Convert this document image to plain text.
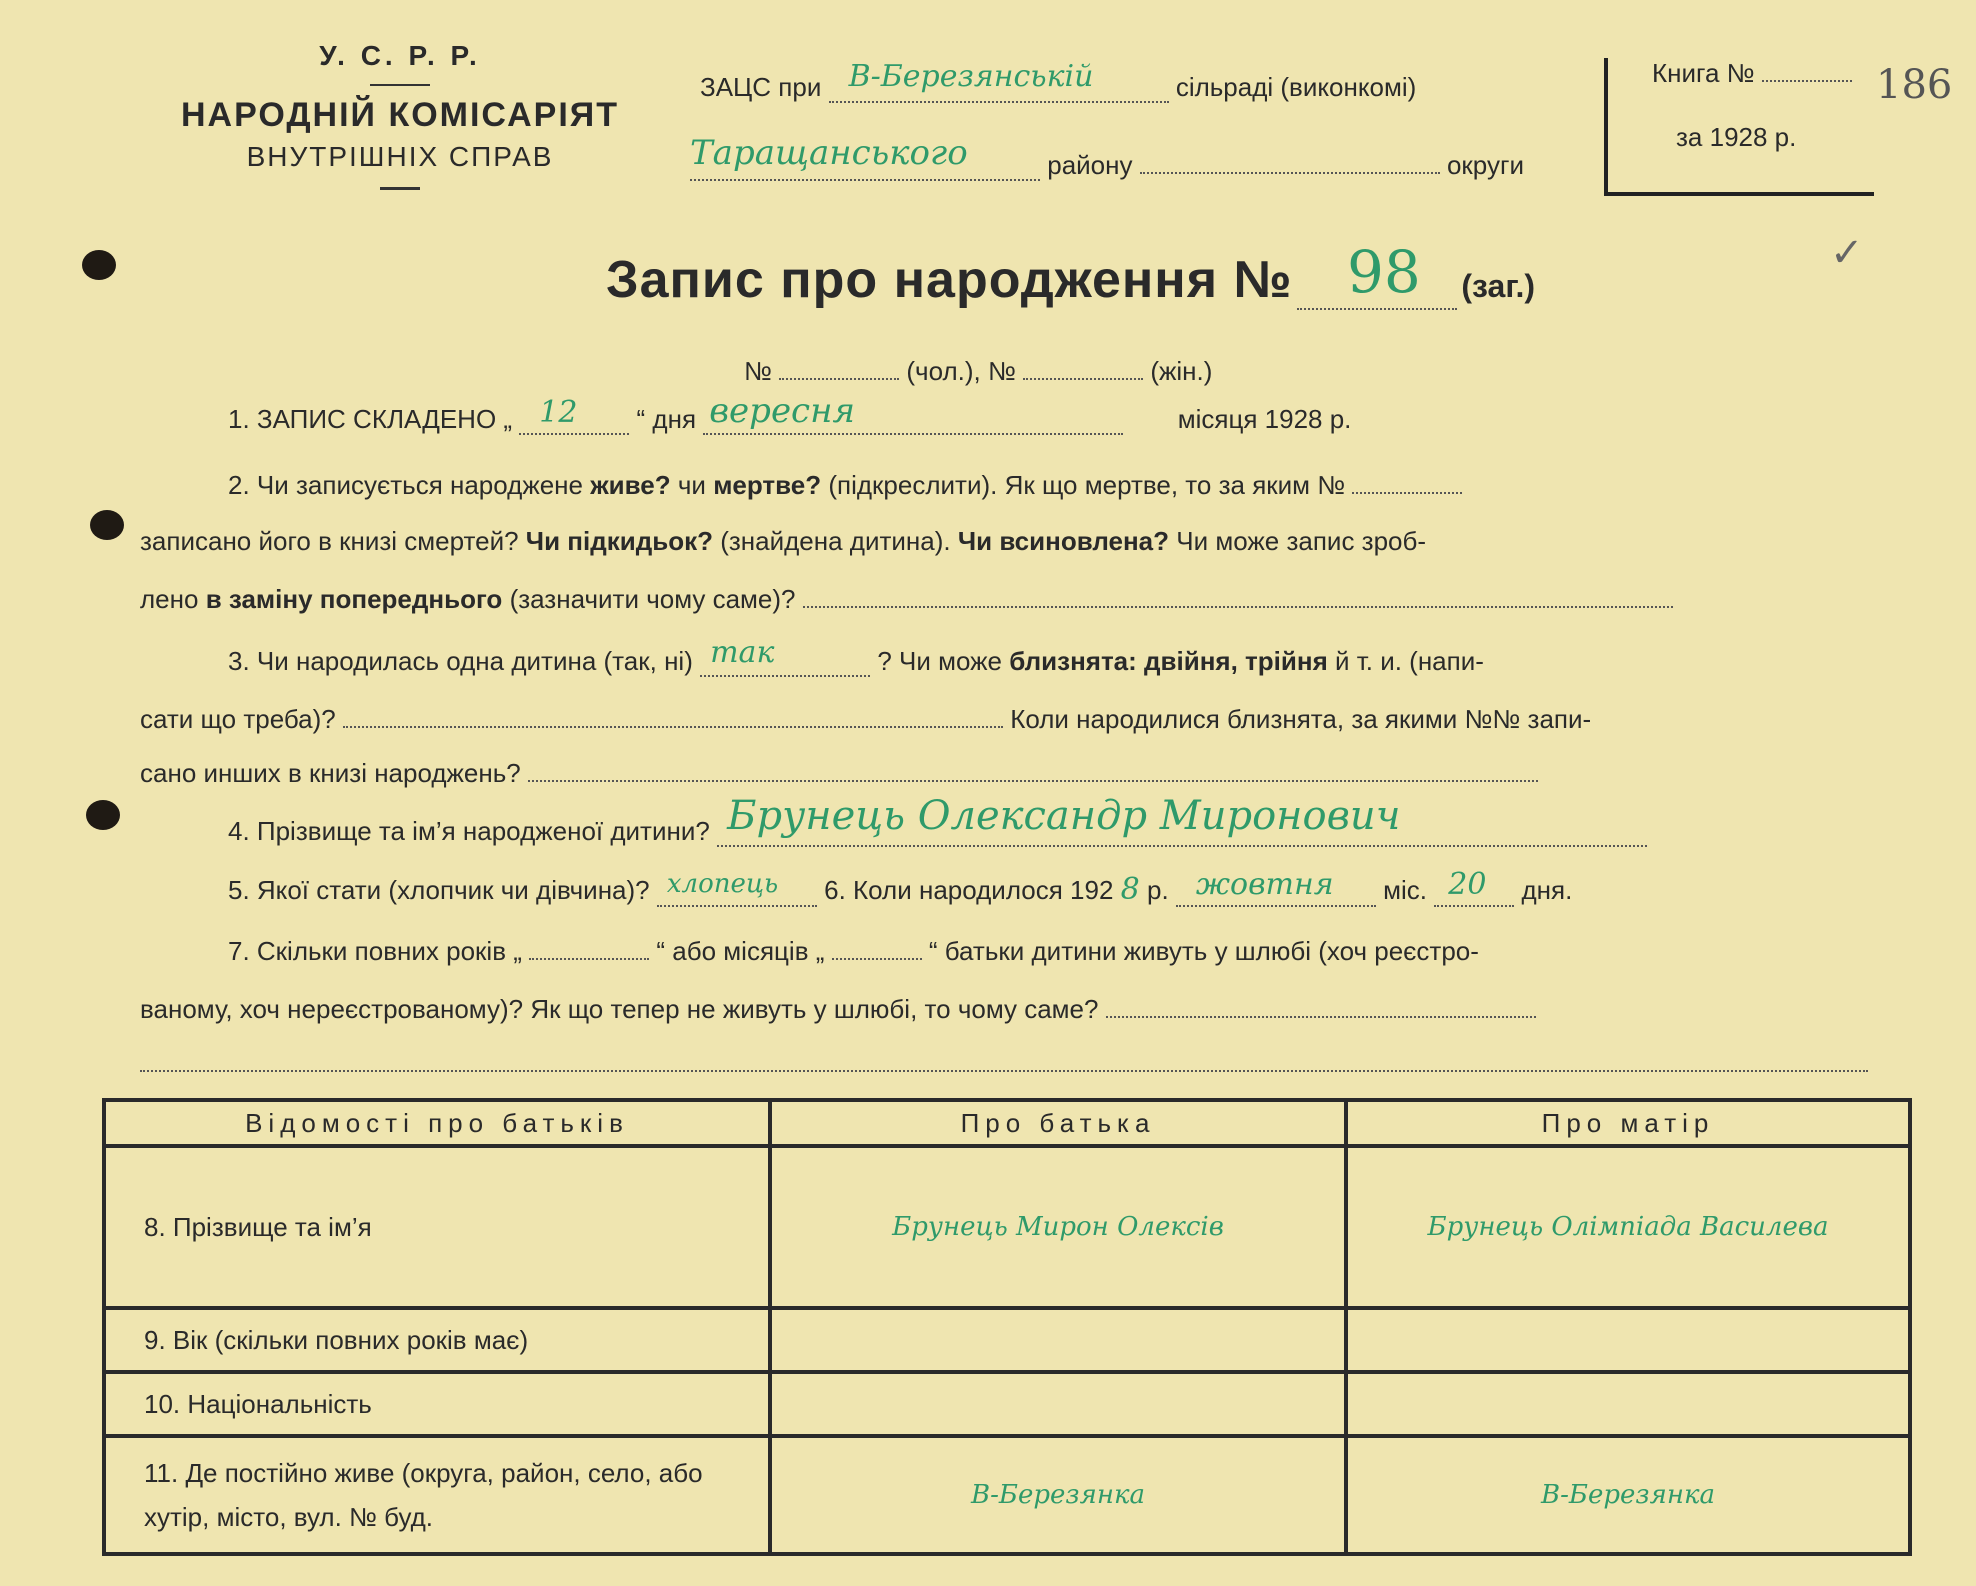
У. С. Р. Р.
НАРОДНІЙ КОМІСАРІЯТ
ВНУТРІШНІХ СПРАВ
ЗАЦС при В-Березянській	сільраді (виконкомі)
Таращанського	району	округи
Книга №
за 1928 р.
186
✓
Запис про народження № 98 (заг.)
№	(чол.), №	(жін.)
1. ЗАПИС СКЛАДЕНО „ 12 “ дня вересня	місяця 1928 р.
2. Чи записується народжене живе? чи мертве? (підкреслити). Як що мертве, то за яким №
записано його в книзі смертей? Чи підкидьок? (знайдена дитина). Чи всиновлена? Чи може запис зроб-
лено в заміну попереднього (зазначити чому саме)?
3. Чи народилась одна дитина (так, ні) так	? Чи може близнята: двійня, трійня й т. и. (напи-
сати що треба)?	Коли народилися близнята, за якими №№ запи-
сано инших в книзі народжень?
4. Прізвище та ім’я народженої дитини? Брунець Олександр Миронович
5. Якої стати (хлопчик чи дівчина)? хлопець 6. Коли народилося 192 8 р. жовтня міс. 20 дня.
7. Скільки повних років „	“ або місяців „	“ батьки дитини живуть у шлюбі (хоч реєстро-
ваному, хоч нереєстрованому)? Як що тепер не живуть у шлюбі, то чому саме?
Відомості про батьків	Про батька	Про матір
8. Прізвище та ім’я	Брунець Мирон Олексів	Брунець Олімпіада Василева
9. Вік (скільки повних років має)		
10. Національність		
11. Де постійно живе (округа, район, село, або хутір, місто, вул. № буд.	В-Березянка	В-Березянка
